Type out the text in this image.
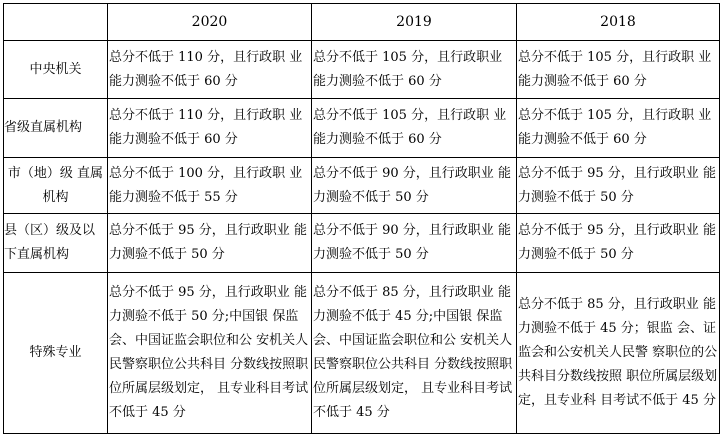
	2020	2019	2018
中央机关	总分不低于 110 分，且行政职 业能力测验不低于 60 分	总分不低于 105 分，且行政职业能力测验不低于 60 分	总分不低于 105 分，且行政职 业能力测验不低于 60 分
省级直属机构	总分不低于 110 分，且行政职 业能力测验不低于 60 分	总分不低于 105 分，且行政职 业能力测验不低于 60 分	总分不低于 105 分，且行政职 业能力测验不低于 60 分
市（地）级 直属机构	总分不低于 100 分，且行政职 业能力测验不低于 55 分	总分不低于 90 分，且行政职业 能力测验不低于 50 分	总分不低于 95 分，且行政职业 能力测验不低于 50 分
县（区）级及以下直属机构	总分不低于 95 分，且行政职业 能力测验不低于 50 分	总分不低于 90 分，且行政职业 能力测验不低于 50 分	总分不低于 95 分，且行政职业 能力测验不低于 50 分
特殊专业	总分不低于 95 分，且行政职业 能力测验不低于 50 分;中国银 保监会、中国证监会职位和公 安机关人民警察职位公共科目 分数线按照职位所属层级划定， 且专业科目考试不低于 45 分	总分不低于 85 分，且行政职业 能力测验不低于 45 分;中国银 保监会、中国证监会职位和公 安机关人民警察职位公共科目 分数线按照职位所属层级划定， 且专业科目考试不低于 45 分	总分不低于 85 分，且行政职业 能力测验不低于 45 分；银监 会、证监会和公安机关人民警 察职位的公共科目分数线按照 职位所属层级划定，且专业科 目考试不低于 45 分
